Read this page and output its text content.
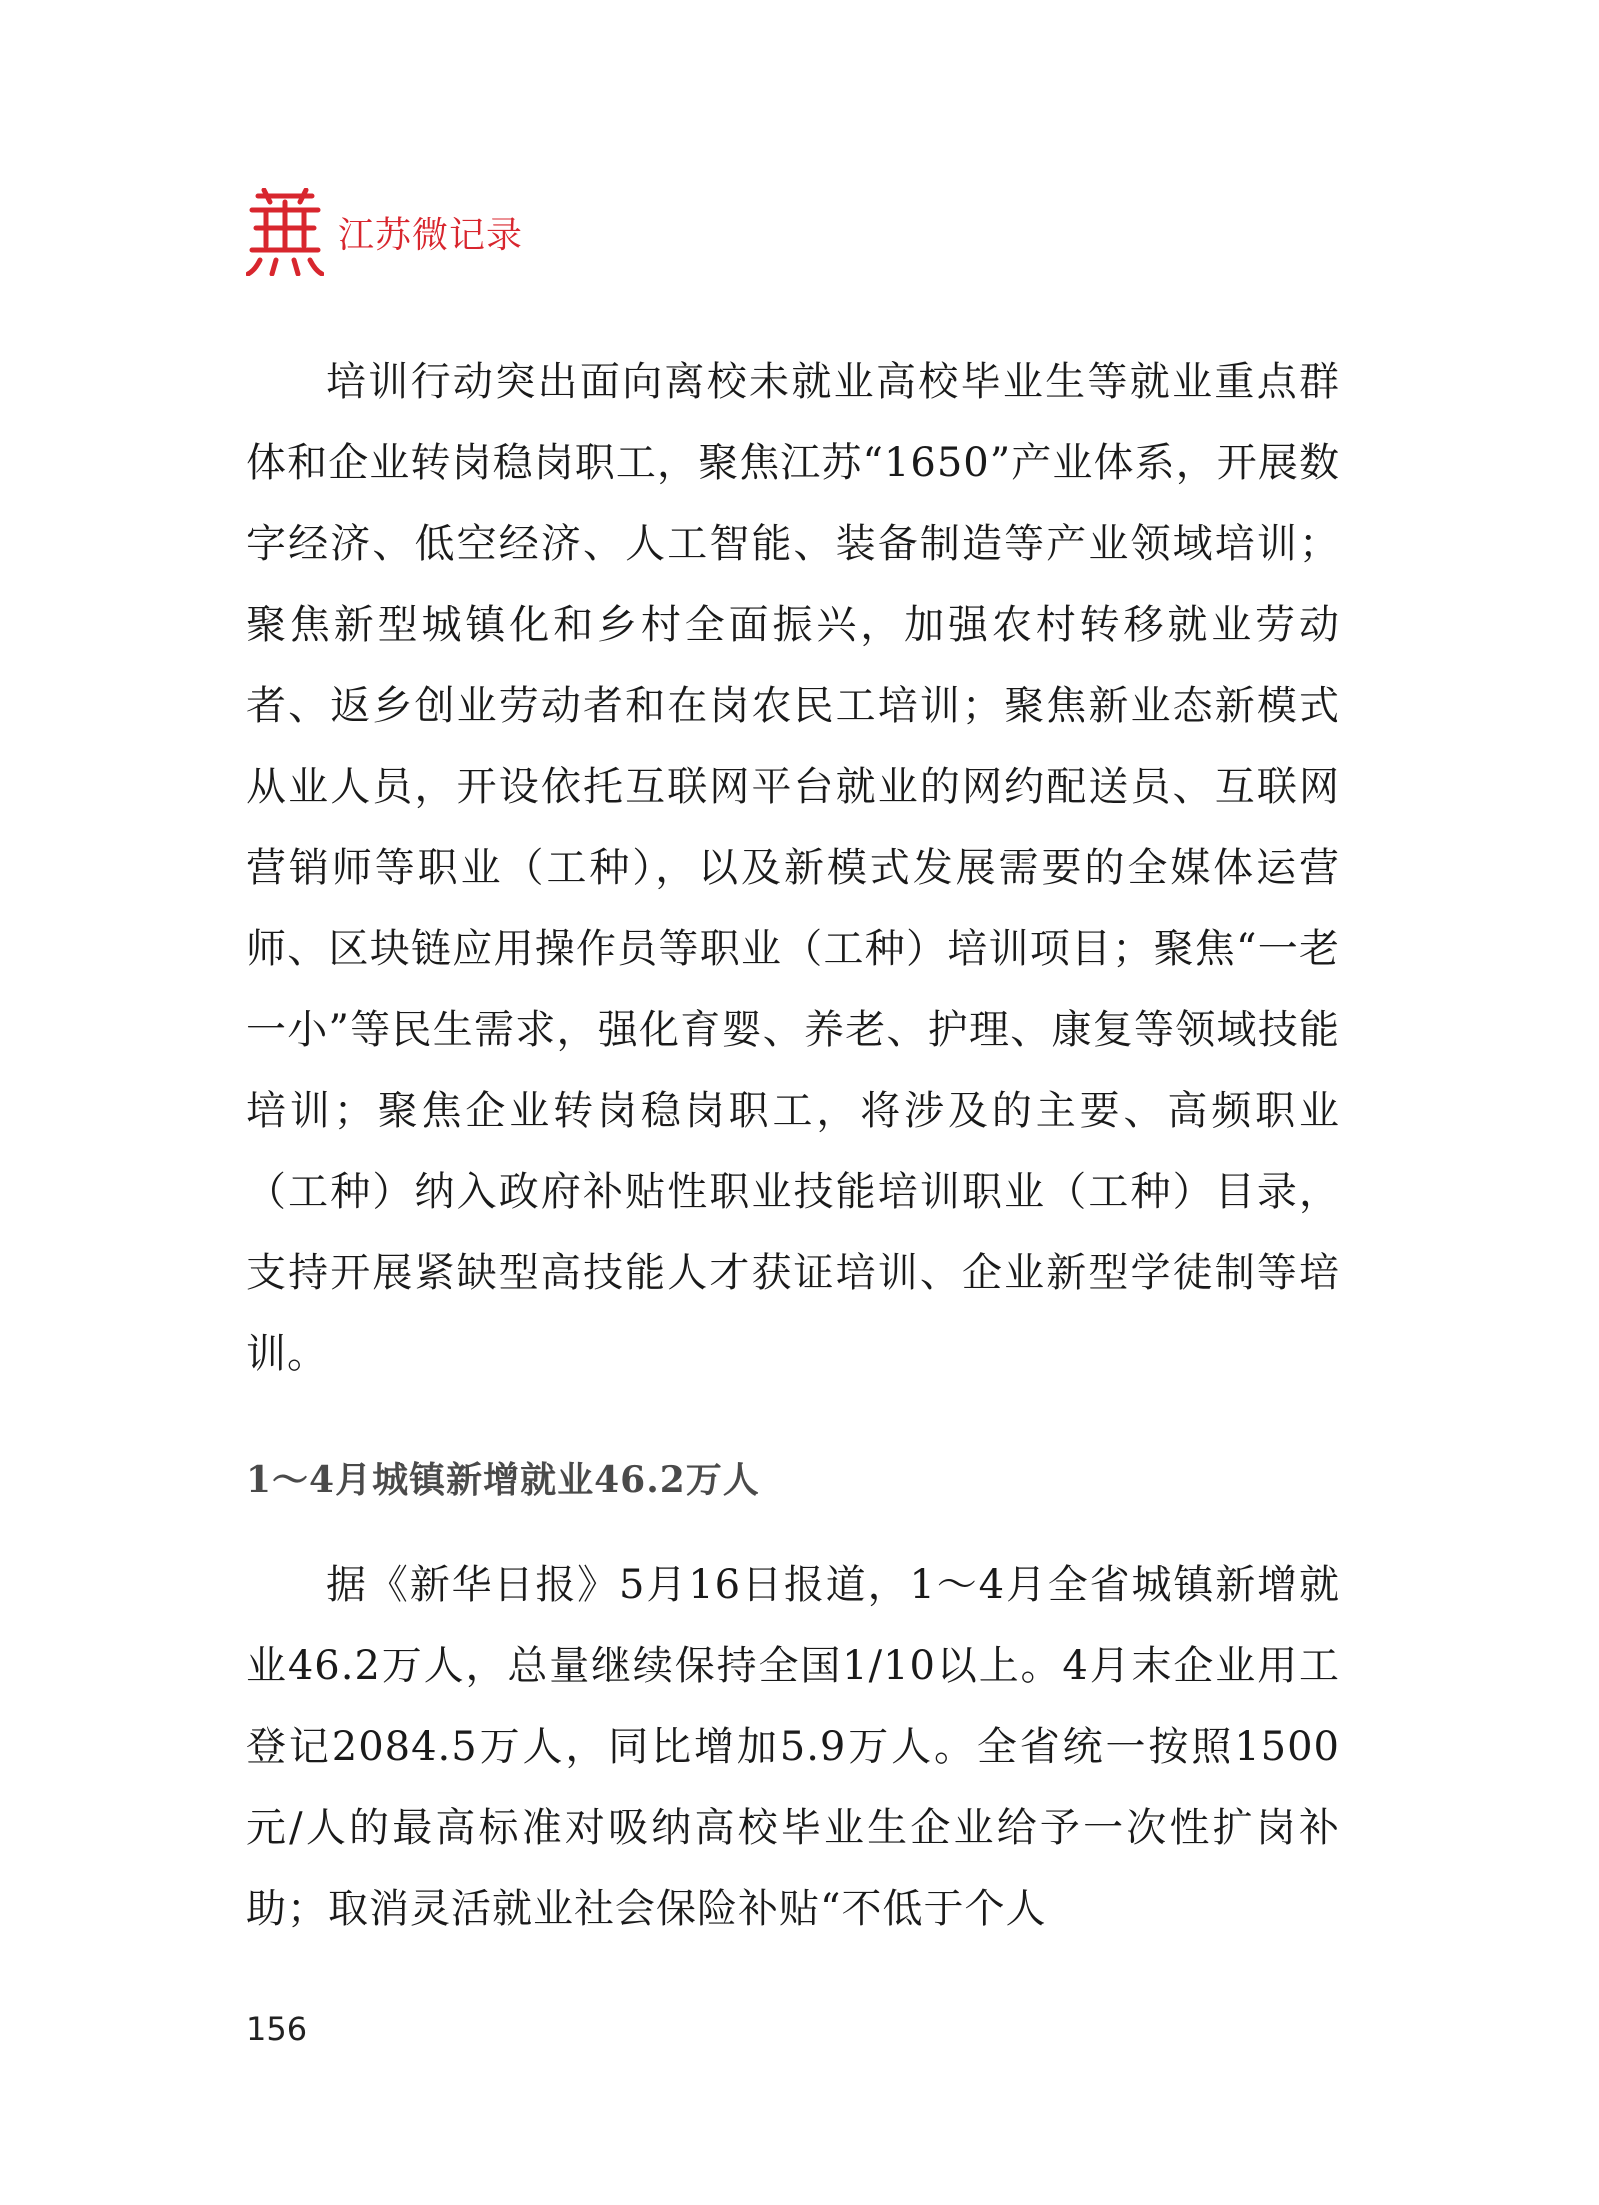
江苏微记录

培训行动突出面向离校未就业高校毕业生等就业重点群体和企业转岗稳岗职工，聚焦江苏“1650”产业体系，开展数字经济、低空经济、人工智能、装备制造等产业领域培训；聚焦新型城镇化和乡村全面振兴，加强农村转移就业劳动者、返乡创业劳动者和在岗农民工培训；聚焦新业态新模式从业人员，开设依托互联网平台就业的网约配送员、互联网营销师等职业（工种），以及新模式发展需要的全媒体运营师、区块链应用操作员等职业（工种）培训项目；聚焦“一老一小”等民生需求，强化育婴、养老、护理、康复等领域技能培训；聚焦企业转岗稳岗职工，将涉及的主要、高频职业（工种）纳入政府补贴性职业技能培训职业（工种）目录，支持开展紧缺型高技能人才获证培训、企业新型学徒制等培训。

1～4月城镇新增就业46.2万人

据《新华日报》5月16日报道，1～4月全省城镇新增就业46.2万人，总量继续保持全国1/10以上。4月末企业用工登记2084.5万人，同比增加5.9万人。全省统一按照1500元/人的最高标准对吸纳高校毕业生企业给予一次性扩岗补助；取消灵活就业社会保险补贴“不低于个人

156
